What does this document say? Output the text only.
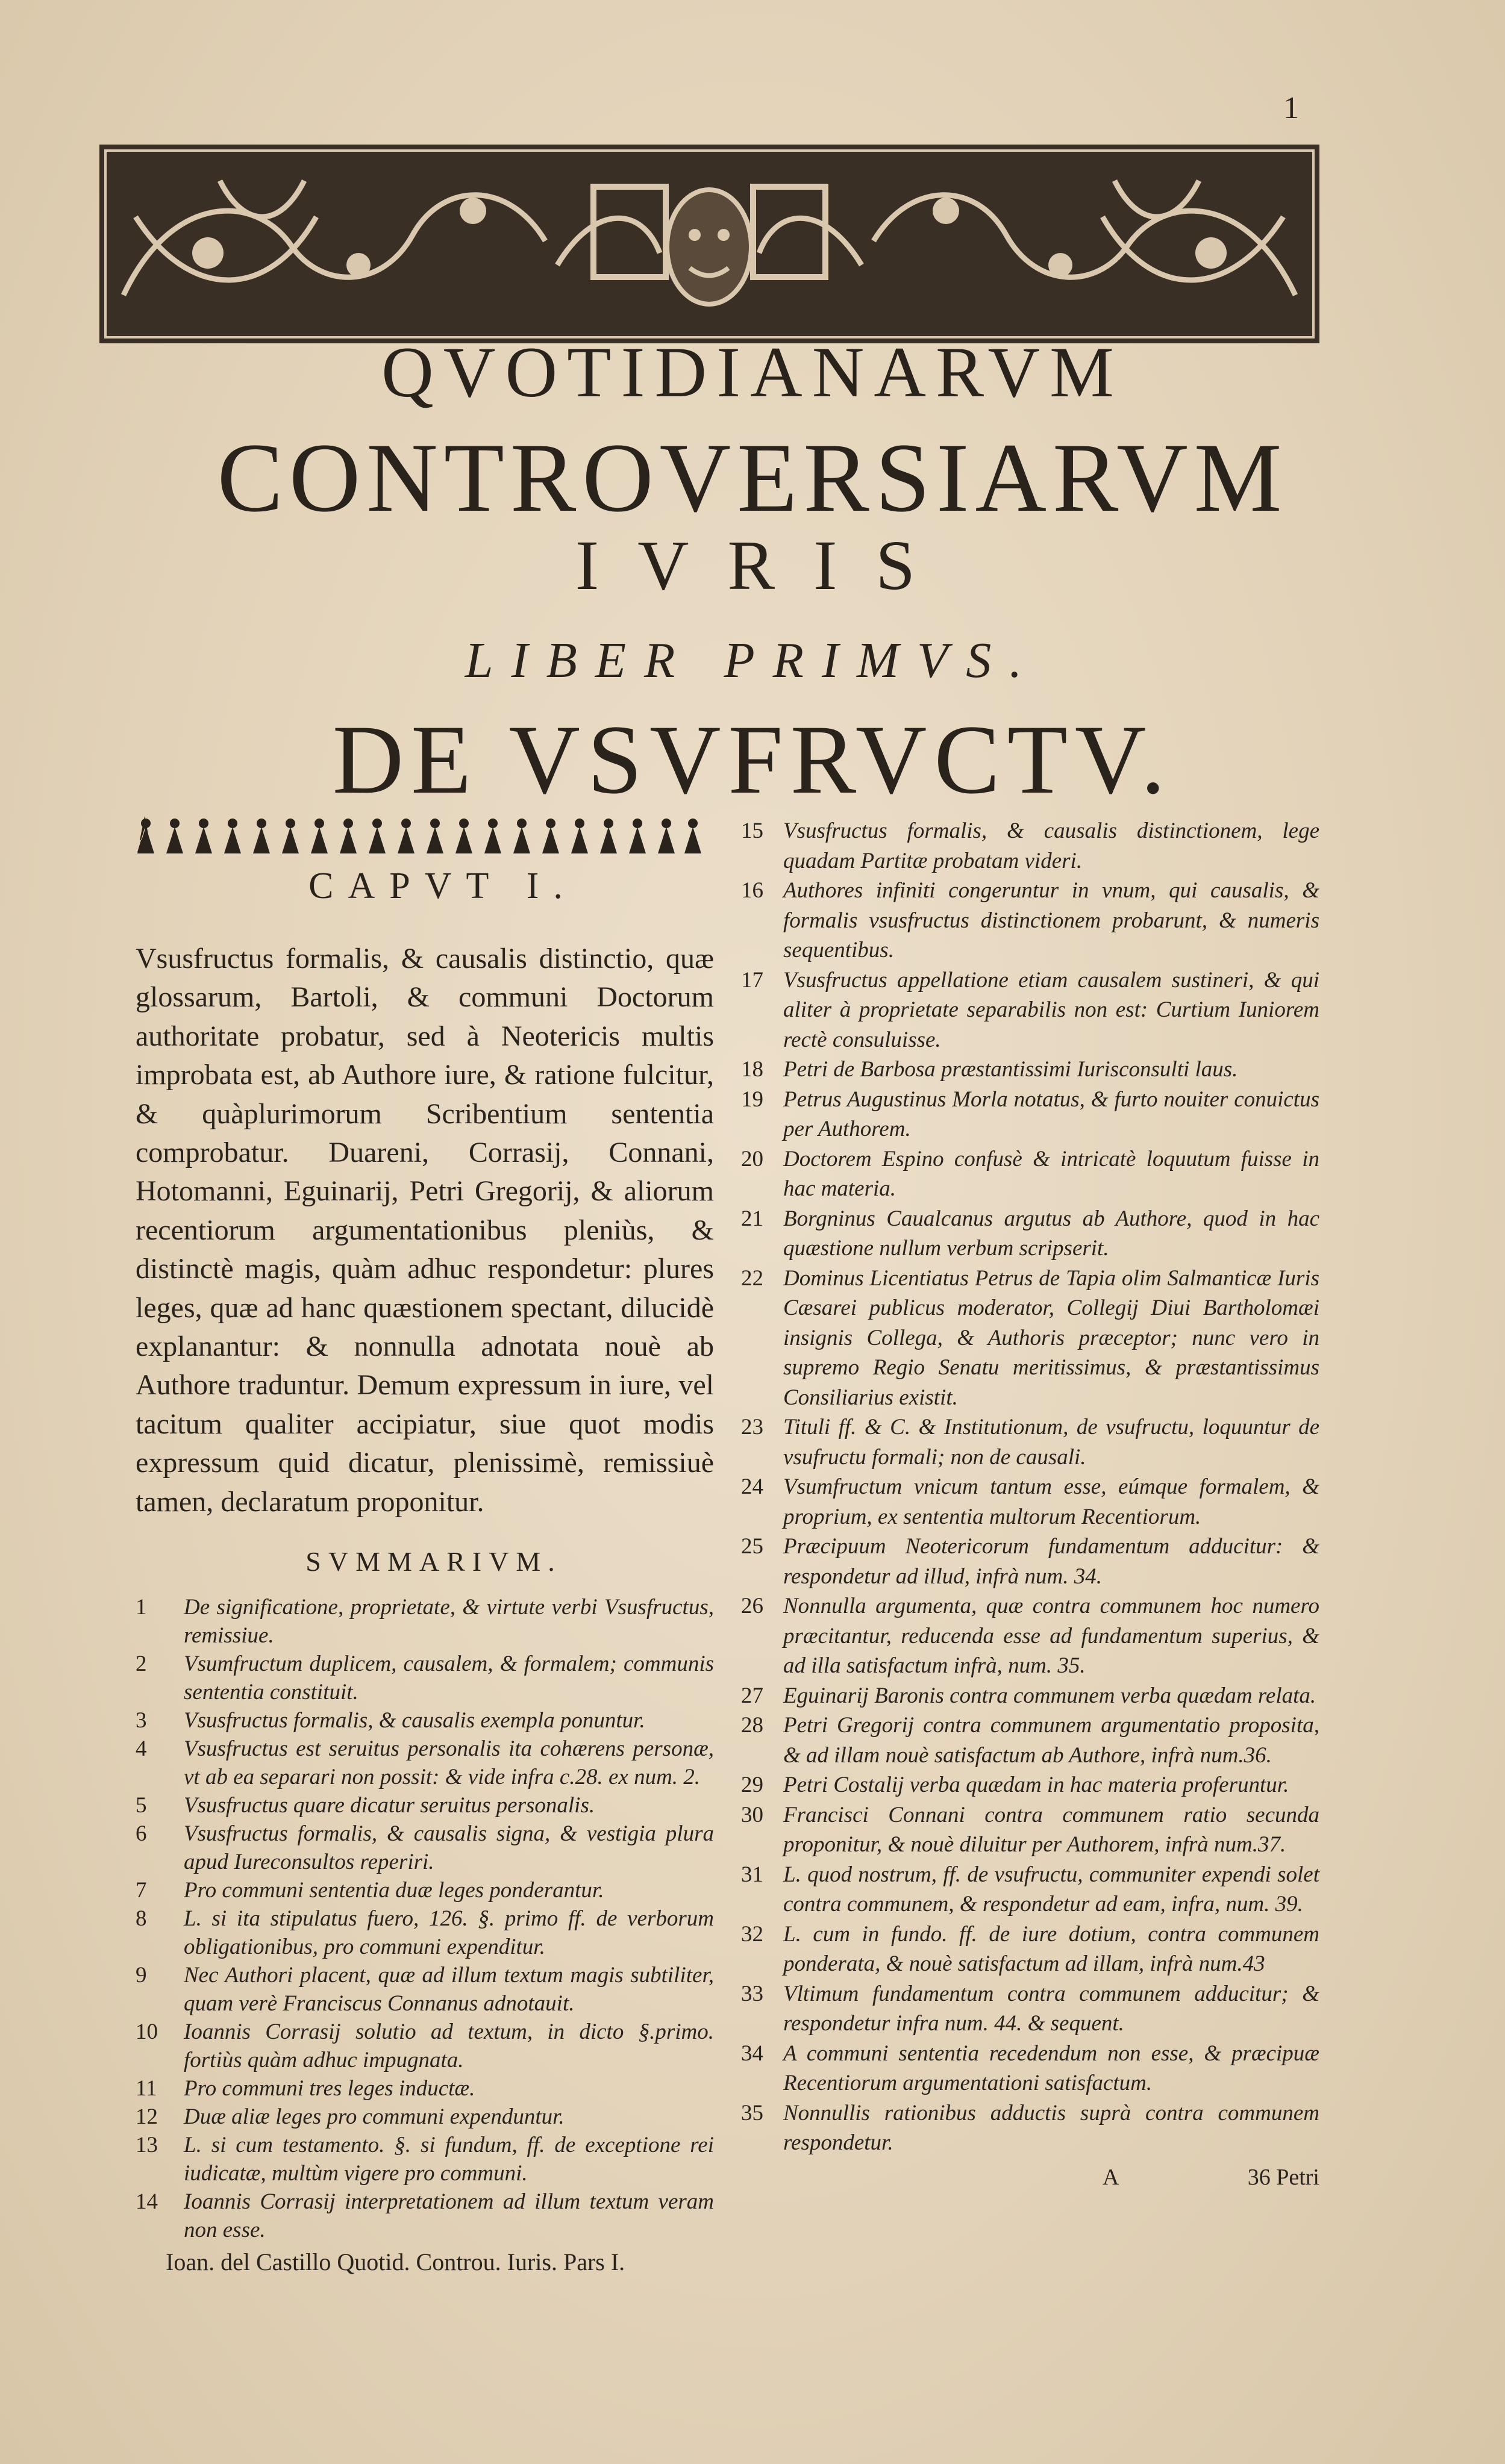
1
QVOTIDIANARVM
CONTROVERSIARVM
IVRIS
LIBER PRIMVS.
DE VSVFRVCTV.
CAPVT I.

Vsusfructus formalis, & causalis distinctio, quæ glossarum, Bartoli, & communi Doctorum authoritate probatur, sed à Neotericis multis improbata est, ab Authore iure, & ratione fulcitur, & quàplurimorum Scribentium sententia comprobatur. Duareni, Corrasij, Connani, Hotomanni, Eguinarij, Petri Gregorij, & aliorum recentiorum argumentationibus pleniùs, & distinctè magis, quàm adhuc respondetur: plures leges, quæ ad hanc quæstionem spectant, dilucidè explanantur: & nonnulla adnotata nouè ab Authore traduntur. Demum expressum in iure, vel tacitum qualiter accipiatur, siue quot modis expressum quid dicatur, plenissimè, remissiuè tamen, declaratum proponitur.

SVMMARIVM.
1	De significatione, proprietate, & virtute verbi Vsusfructus, remissiue.
2	Vsumfructum duplicem, causalem, & formalem; communis sententia constituit.
3	Vsusfructus formalis, & causalis exempla ponuntur.
4	Vsusfructus est seruitus personalis ita cohærens personæ, vt ab ea separari non possit: & vide infra c.28. ex num. 2.
5	Vsusfructus quare dicatur seruitus personalis.
6	Vsusfructus formalis, & causalis signa, & vestigia plura apud Iureconsultos reperiri.
7	Pro communi sententia duæ leges ponderantur.
8	L. si ita stipulatus fuero, 126. §. primo ff. de verborum obligationibus, pro communi expenditur.
9	Nec Authori placent, quæ ad illum textum magis subtiliter, quam verè Franciscus Connanus adnotauit.
10	Ioannis Corrasij solutio ad textum, in dicto §.primo. fortiùs quàm adhuc impugnata.
11	Pro communi tres leges inductæ.
12	Duæ aliæ leges pro communi expenduntur.
13	L. si cum testamento. §. si fundum, ff. de exceptione rei iudicatæ, multùm vigere pro communi.
14	Ioannis Corrasij interpretationem ad illum textum veram non esse.
Ioan. del Castillo Quotid. Controu. Iuris. Pars I.
15 Vsusfructus formalis, & causalis distinctionem, lege quadam Partitæ probatam videri.
16 Authores infiniti congeruntur in vnum, qui causalis, & formalis vsusfructus distinctionem probarunt, & numeris sequentibus.
17 Vsusfructus appellatione etiam causalem sustineri, & qui aliter à proprietate separabilis non est: Curtium Iuniorem rectè consuluisse.
18 Petri de Barbosa præstantissimi Iurisconsulti laus.
19 Petrus Augustinus Morla notatus, & furto nouiter conuictus per Authorem.
20 Doctorem Espino confusè & intricatè loquutum fuisse in hac materia.
21 Borgninus Caualcanus argutus ab Authore, quod in hac quæstione nullum verbum scripserit.
22 Dominus Licentiatus Petrus de Tapia olim Salmanticæ Iuris Cæsarei publicus moderator, Collegij Diui Bartholomæi insignis Collega, & Authoris præceptor; nunc vero in supremo Regio Senatu meritissimus, & præstantissimus Consiliarius existit.
23 Tituli ff. & C. & Institutionum, de vsufructu, loquuntur de vsufructu formali; non de causali.
24 Vsumfructum vnicum tantum esse, eúmque formalem, & proprium, ex sententia multorum Recentiorum.
25 Præcipuum Neotericorum fundamentum adducitur: & respondetur ad illud, infrà num. 34.
26 Nonnulla argumenta, quæ contra communem hoc numero præcitantur, reducenda esse ad fundamentum superius, & ad illa satisfactum infrà, num. 35.
27 Eguinarij Baronis contra communem verba quædam relata.
28 Petri Gregorij contra communem argumentatio proposita, & ad illam nouè satisfactum ab Authore, infrà num.36.
29 Petri Costalij verba quædam in hac materia proferuntur.
30 Francisci Connani contra communem ratio secunda proponitur, & nouè diluitur per Authorem, infrà num.37.
31 L. quod nostrum, ff. de vsufructu, communiter expendi solet contra communem, & respondetur ad eam, infra, num. 39.
32 L. cum in fundo. ff. de iure dotium, contra communem ponderata, & nouè satisfactum ad illam, infrà num.43
33 Vltimum fundamentum contra communem adducitur; & respondetur infra num. 44. & sequent.
34 A communi sententia recedendum non esse, & præcipuæ Recentiorum argumentationi satisfactum.
35 Nonnullis rationibus adductis suprà contra communem respondetur.
A	36 Petri
